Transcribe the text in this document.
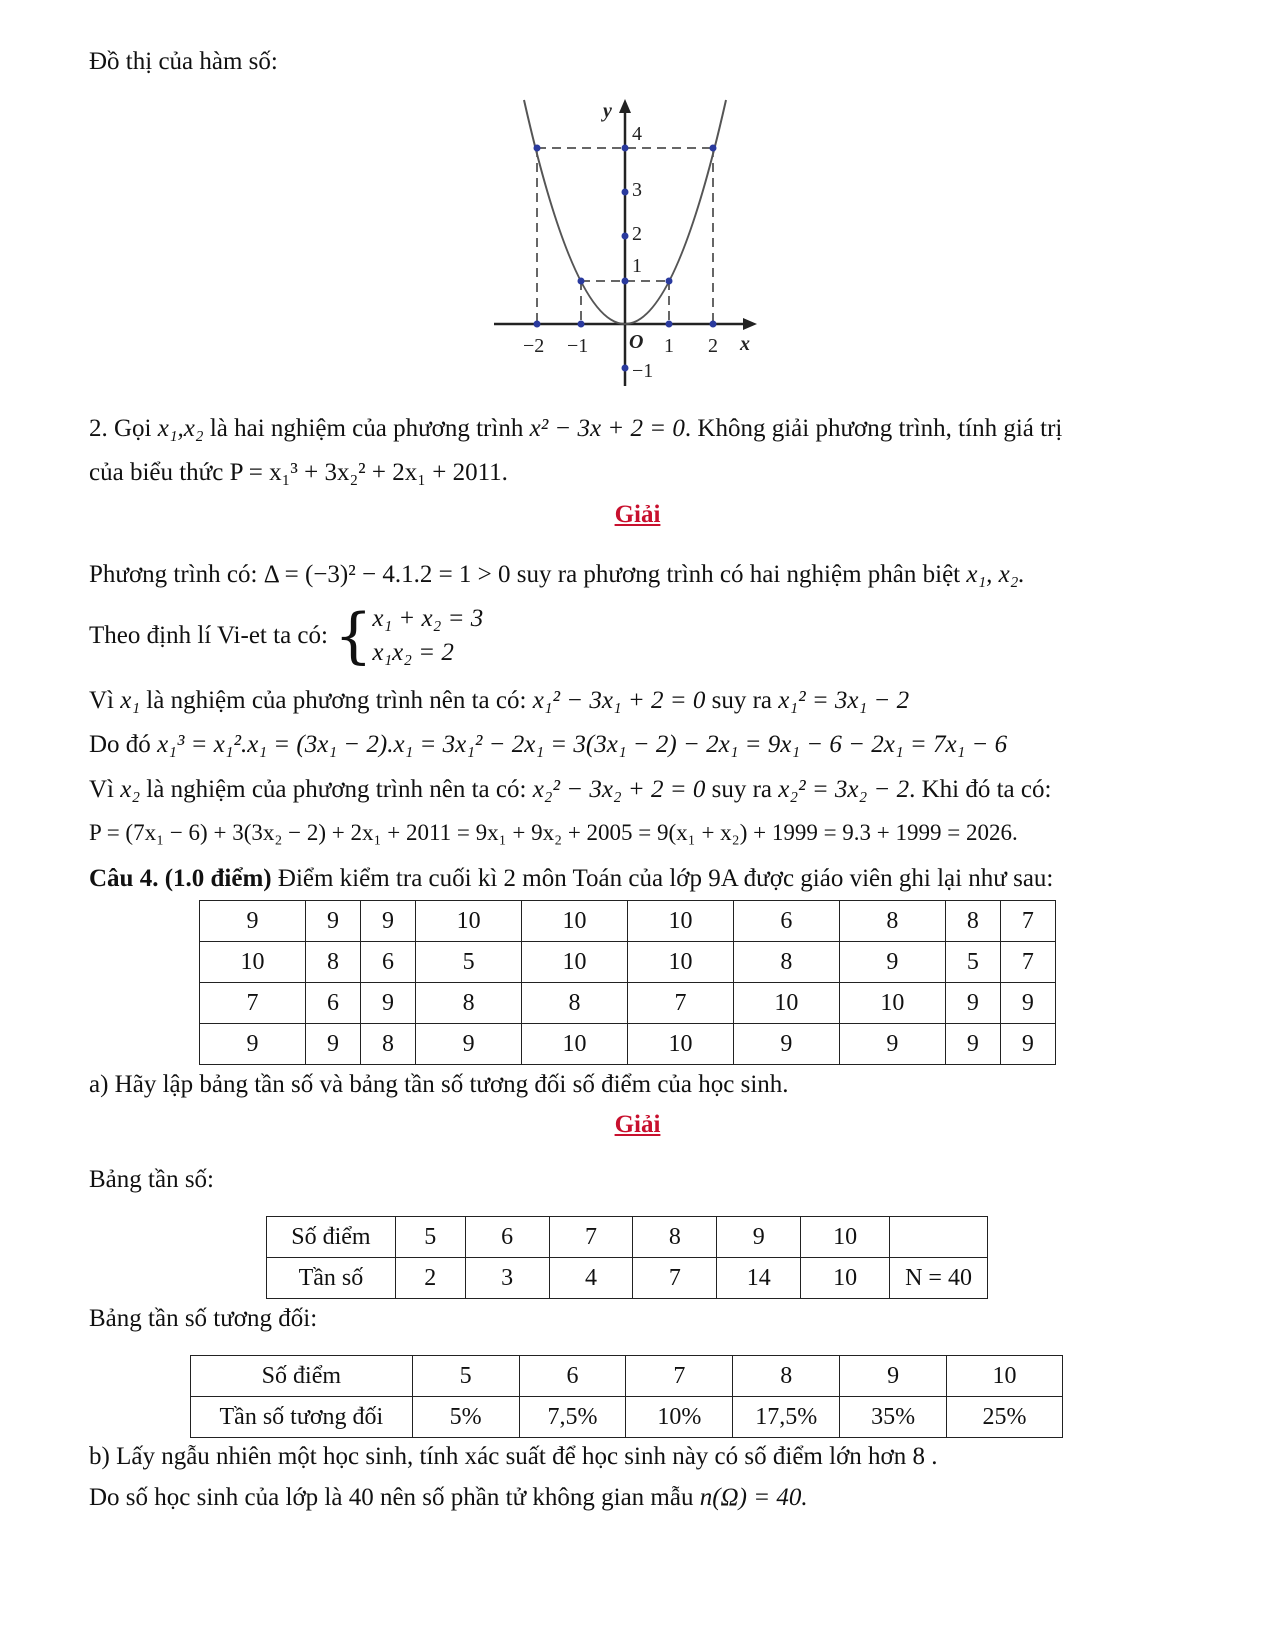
Đồ thị của hàm số:
y
x
O
4
3
2
1
−1
−2 −1	1 2
2. Gọi x₁,x₂ là hai nghiệm của phương trình x² − 3x + 2 = 0. Không giải phương trình, tính giá trị
của biểu thức P = x₁³ + 3x₂² + 2x₁ + 2011.
Giải
Phương trình có: Δ = (−3)² − 4.1.2 = 1 > 0 suy ra phương trình có hai nghiệm phân biệt x₁, x₂.
Theo định lí Vi-et ta có: {x₁ + x₂ = 3
x₁x₂ = 2
Vì x₁ là nghiệm của phương trình nên ta có: x₁² − 3x₁ + 2 = 0 suy ra x₁² = 3x₁ − 2
Do đó x₁³ = x₁².x₁ = (3x₁ − 2).x₁ = 3x₁² − 2x₁ = 3(3x₁ − 2) − 2x₁ = 9x₁ − 6 − 2x₁ = 7x₁ − 6
Vì x₂ là nghiệm của phương trình nên ta có: x₂² − 3x₂ + 2 = 0 suy ra x₂² = 3x₂ − 2. Khi đó ta có:
P = (7x₁ − 6) + 3(3x₂ − 2) + 2x₁ + 2011 = 9x₁ + 9x₂ + 2005 = 9(x₁ + x₂) + 1999 = 9.3 + 1999 = 2026.
Câu 4. (1.0 điểm) Điểm kiểm tra cuối kì 2 môn Toán của lớp 9A được giáo viên ghi lại như sau:
9	9	9	10	10	10	6	8	8	7
10	8	6	5	10	10	8	9	5	7
7	6	9	8	8	7	10	10	9	9
9	9	8	9	10	10	9	9	9	9
a) Hãy lập bảng tần số và bảng tần số tương đối số điểm của học sinh.
Giải
Bảng tần số:
Số điểm	5	6	7	8	9	10	
Tần số	2	3	4	7	14	10	N = 40
Bảng tần số tương đối:
Số điểm	5	6	7	8	9	10
Tần số tương đối	5%	7,5%	10%	17,5%	35%	25%
b) Lấy ngẫu nhiên một học sinh, tính xác suất để học sinh này có số điểm lớn hơn 8 .
Do số học sinh của lớp là 40 nên số phần tử không gian mẫu n(Ω) = 40.
